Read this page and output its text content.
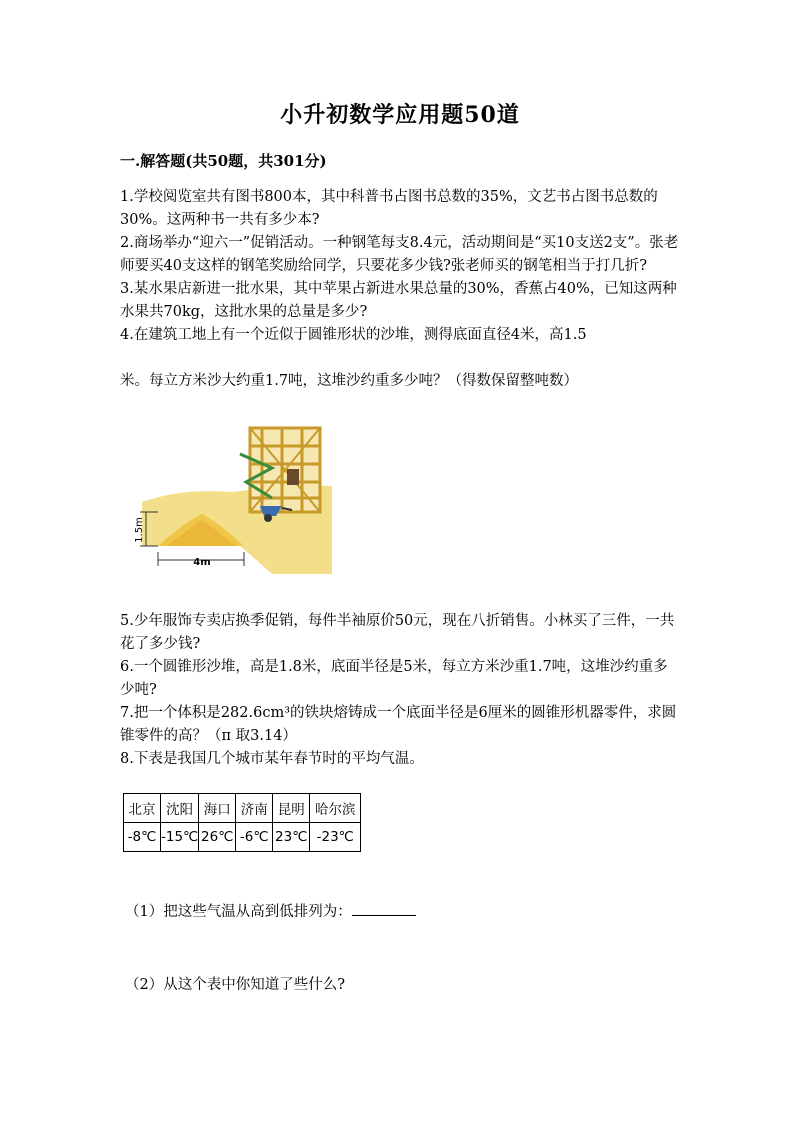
小升初数学应用题50道
一.解答题(共50题，共301分)
1.学校阅览室共有图书800本，其中科普书占图书总数的35%，文艺书占图书总数的30%。这两种书一共有多少本?
2.商场举办“迎六一”促销活动。一种钢笔每支8.4元，活动期间是“买10支送2支”。张老师要买40支这样的钢笔奖励给同学，只要花多少钱?张老师买的钢笔相当于打几折?
3.某水果店新进一批水果，其中苹果占新进水果总量的30%，香蕉占40%，已知这两种水果共70kg，这批水果的总量是多少?
4.在建筑工地上有一个近似于圆锥形状的沙堆，测得底面直径4米，高1.5
米。每立方米沙大约重1.7吨，这堆沙约重多少吨？（得数保留整吨数）
1.5m
4m
5.少年服饰专卖店换季促销，每件半袖原价50元，现在八折销售。小林买了三件，一共花了多少钱?
6.一个圆锥形沙堆，高是1.8米，底面半径是5米，每立方米沙重1.7吨，这堆沙约重多少吨?
7.把一个体积是282.6cm³的铁块熔铸成一个底面半径是6厘米的圆锥形机器零件，求圆锥零件的高？（π 取3.14）
8.下表是我国几个城市某年春节时的平均气温。
北京	沈阳	海口	济南	昆明	哈尔滨
-8℃	-15℃	26℃	-6℃	23℃	-23℃
（1）把这些气温从高到低排列为：
（2）从这个表中你知道了些什么?
